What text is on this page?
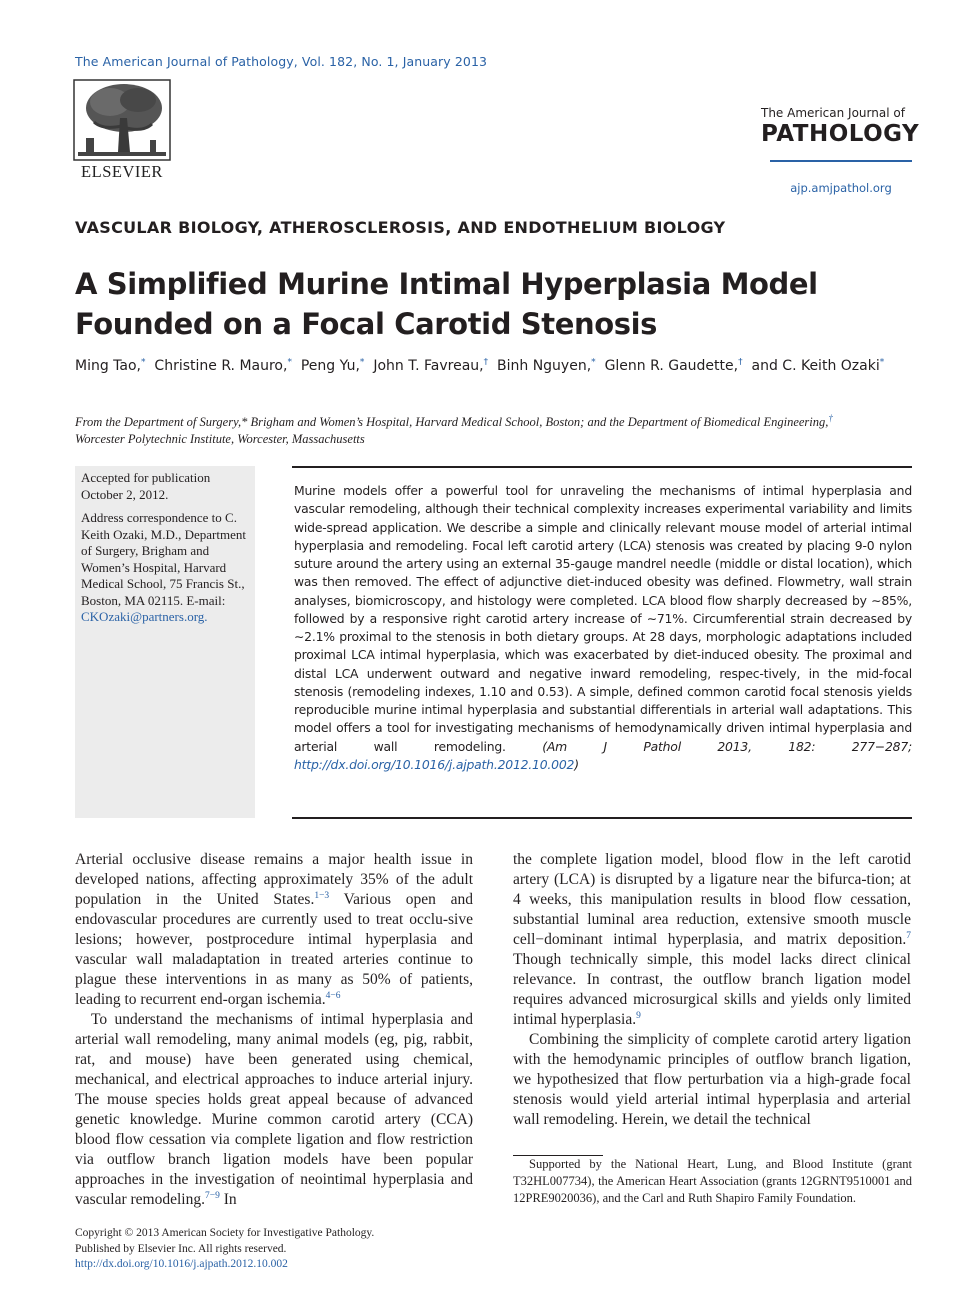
The American Journal of Pathology, Vol. 182, No. 1, January 2013
ELSEVIER
The American Journal of
PATHOLOGY
ajp.amjpathol.org
VASCULAR BIOLOGY, ATHEROSCLEROSIS, AND ENDOTHELIUM BIOLOGY
A Simplified Murine Intimal Hyperplasia Model Founded on a Focal Carotid Stenosis
Ming Tao,* Christine R. Mauro,* Peng Yu,* John T. Favreau,† Binh Nguyen,* Glenn R. Gaudette,† and C. Keith Ozaki*
From the Department of Surgery,* Brigham and Women’s Hospital, Harvard Medical School, Boston; and the Department of Biomedical Engineering,†
Worcester Polytechnic Institute, Worcester, Massachusetts

Accepted for publication October 2, 2012.

Address correspondence to C. Keith Ozaki, M.D., Department of Surgery, Brigham and Women’s Hospital, Harvard Medical School, 75 Francis St., Boston, MA 02115. E-mail: CKOzaki@partners.org.

Murine models offer a powerful tool for unraveling the mechanisms of intimal hyperplasia and vascular remodeling, although their technical complexity increases experimental variability and limits wide-spread application. We describe a simple and clinically relevant mouse model of arterial intimal hyperplasia and remodeling. Focal left carotid artery (LCA) stenosis was created by placing 9-0 nylon suture around the artery using an external 35-gauge mandrel needle (middle or distal location), which was then removed. The effect of adjunctive diet-induced obesity was defined. Flowmetry, wall strain analyses, biomicroscopy, and histology were completed. LCA blood flow sharply decreased by ∼85%, followed by a responsive right carotid artery increase of ∼71%. Circumferential strain decreased by ∼2.1% proximal to the stenosis in both dietary groups. At 28 days, morphologic adaptations included proximal LCA intimal hyperplasia, which was exacerbated by diet-induced obesity. The proximal and distal LCA underwent outward and negative inward remodeling, respec-tively, in the mid-focal stenosis (remodeling indexes, 1.10 and 0.53). A simple, defined common carotid focal stenosis yields reproducible murine intimal hyperplasia and substantial differentials in arterial wall adaptations. This model offers a tool for investigating mechanisms of hemodynamically driven intimal hyperplasia and arterial wall remodeling.	(Am J Pathol 2013, 182: 277−287; http://dx.doi.org/10.1016/j.ajpath.2012.10.002)

Arterial occlusive disease remains a major health issue in developed nations, affecting approximately 35% of the adult population in the United States.$^{1-3}$ Various open and endovascular procedures are currently used to treat occlu-sive lesions; however, postprocedure intimal hyperplasia and vascular wall maladaptation in treated arteries continue to plague these interventions in as many as 50% of patients, leading to recurrent end-organ ischemia.$^{4-6}$

To understand the mechanisms of intimal hyperplasia and arterial wall remodeling, many animal models (eg, pig, rabbit, rat, and mouse) have been generated using chemical, mechanical, and electrical approaches to induce arterial injury. The mouse species holds great appeal because of advanced genetic knowledge. Murine common carotid artery (CCA) blood flow cessation via complete ligation and flow restriction via outflow branch ligation models have been popular approaches in the investigation of neointimal hyperplasia and vascular remodeling.$^{7-9}$ In

the complete ligation model, blood flow in the left carotid artery (LCA) is disrupted by a ligature near the bifurca-tion; at 4 weeks, this manipulation results in blood flow cessation, substantial luminal area reduction, extensive smooth muscle cell−dominant intimal hyperplasia, and matrix deposition.$^7$ Though technically simple, this model lacks direct clinical relevance. In contrast, the outflow branch ligation model requires advanced microsurgical skills and yields only limited intimal hyperplasia.$^9$

Combining the simplicity of complete carotid artery ligation with the hemodynamic principles of outflow branch ligation, we hypothesized that flow perturbation via a high-grade focal stenosis would yield arterial intimal hyperplasia and arterial wall remodeling. Herein, we detail the technical

Supported by the National Heart, Lung, and Blood Institute (grant T32HL007734), the American Heart Association (grants 12GRNT9510001 and 12PRE9020036), and the Carl and Ruth Shapiro Family Foundation.
Copyright © 2013 American Society for Investigative Pathology.
Published by Elsevier Inc. All rights reserved.
http://dx.doi.org/10.1016/j.ajpath.2012.10.002
